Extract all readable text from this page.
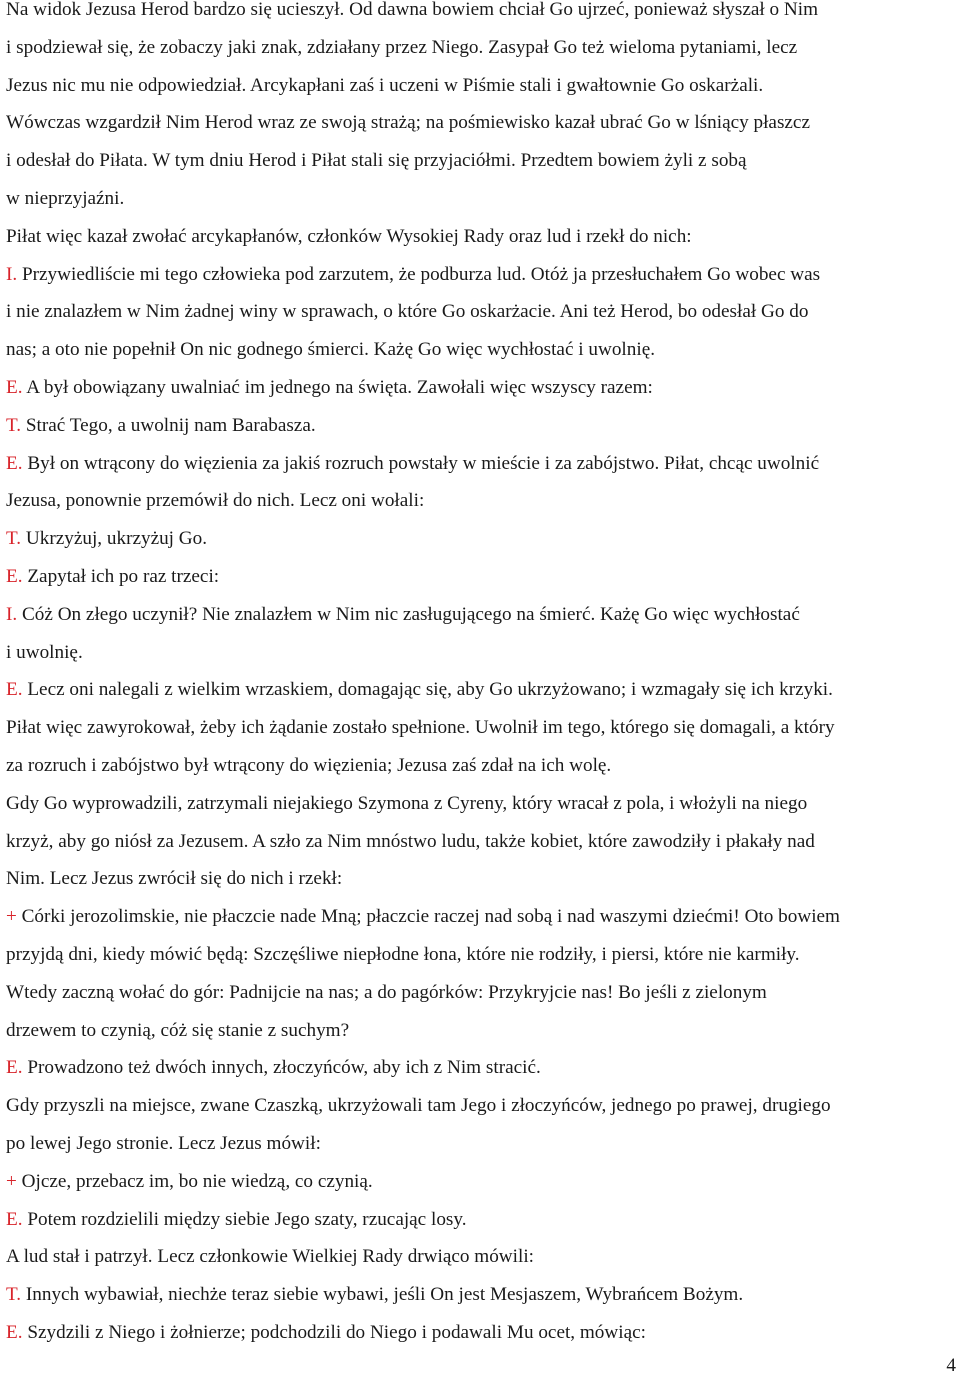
Na widok Jezusa Herod bardzo się ucieszył. Od dawna bowiem chciał Go ujrzeć, ponieważ słyszał o Nim
i spodziewał się, że zobaczy jaki znak, zdziałany przez Niego. Zasypał Go też wieloma pytaniami, lecz
Jezus nic mu nie odpowiedział. Arcykapłani zaś i uczeni w Piśmie stali i gwałtownie Go oskarżali.
Wówczas wzgardził Nim Herod wraz ze swoją strażą; na pośmiewisko kazał ubrać Go w lśniący płaszcz
i odesłał do Piłata. W tym dniu Herod i Piłat stali się przyjaciółmi. Przedtem bowiem żyli z sobą
w nieprzyjaźni.
Piłat więc kazał zwołać arcykapłanów, członków Wysokiej Rady oraz lud i rzekł do nich:
I. Przywiedliście mi tego człowieka pod zarzutem, że podburza lud. Otóż ja przesłuchałem Go wobec was
i nie znalazłem w Nim żadnej winy w sprawach, o które Go oskarżacie. Ani też Herod, bo odesłał Go do
nas; a oto nie popełnił On nic godnego śmierci. Każę Go więc wychłostać i uwolnię.
E. A był obowiązany uwalniać im jednego na święta. Zawołali więc wszyscy razem:
T. Strać Tego, a uwolnij nam Barabasza.
E. Był on wtrącony do więzienia za jakiś rozruch powstały w mieście i za zabójstwo. Piłat, chcąc uwolnić
Jezusa, ponownie przemówił do nich. Lecz oni wołali:
T. Ukrzyżuj, ukrzyżuj Go.
E. Zapytał ich po raz trzeci:
I. Cóż On złego uczynił? Nie znalazłem w Nim nic zasługującego na śmierć. Każę Go więc wychłostać
i uwolnię.
E. Lecz oni nalegali z wielkim wrzaskiem, domagając się, aby Go ukrzyżowano; i wzmagały się ich krzyki.
Piłat więc zawyrokował, żeby ich żądanie zostało spełnione. Uwolnił im tego, którego się domagali, a który
za rozruch i zabójstwo był wtrącony do więzienia; Jezusa zaś zdał na ich wolę.
Gdy Go wyprowadzili, zatrzymali niejakiego Szymona z Cyreny, który wracał z pola, i włożyli na niego
krzyż, aby go niósł za Jezusem. A szło za Nim mnóstwo ludu, także kobiet, które zawodziły i płakały nad
Nim. Lecz Jezus zwrócił się do nich i rzekł:
+ Córki jerozolimskie, nie płaczcie nade Mną; płaczcie raczej nad sobą i nad waszymi dziećmi! Oto bowiem
przyjdą dni, kiedy mówić będą: Szczęśliwe niepłodne łona, które nie rodziły, i piersi, które nie karmiły.
Wtedy zaczną wołać do gór: Padnijcie na nas; a do pagórków: Przykryjcie nas! Bo jeśli z zielonym
drzewem to czynią, cóż się stanie z suchym?
E. Prowadzono też dwóch innych, złoczyńców, aby ich z Nim stracić.
Gdy przyszli na miejsce, zwane Czaszką, ukrzyżowali tam Jego i złoczyńców, jednego po prawej, drugiego
po lewej Jego stronie. Lecz Jezus mówił:
+ Ojcze, przebacz im, bo nie wiedzą, co czynią.
E. Potem rozdzielili między siebie Jego szaty, rzucając losy.
A lud stał i patrzył. Lecz członkowie Wielkiej Rady drwiąco mówili:
T. Innych wybawiał, niechże teraz siebie wybawi, jeśli On jest Mesjaszem, Wybrańcem Bożym.
E. Szydzili z Niego i żołnierze; podchodzili do Niego i podawali Mu ocet, mówiąc:
4
